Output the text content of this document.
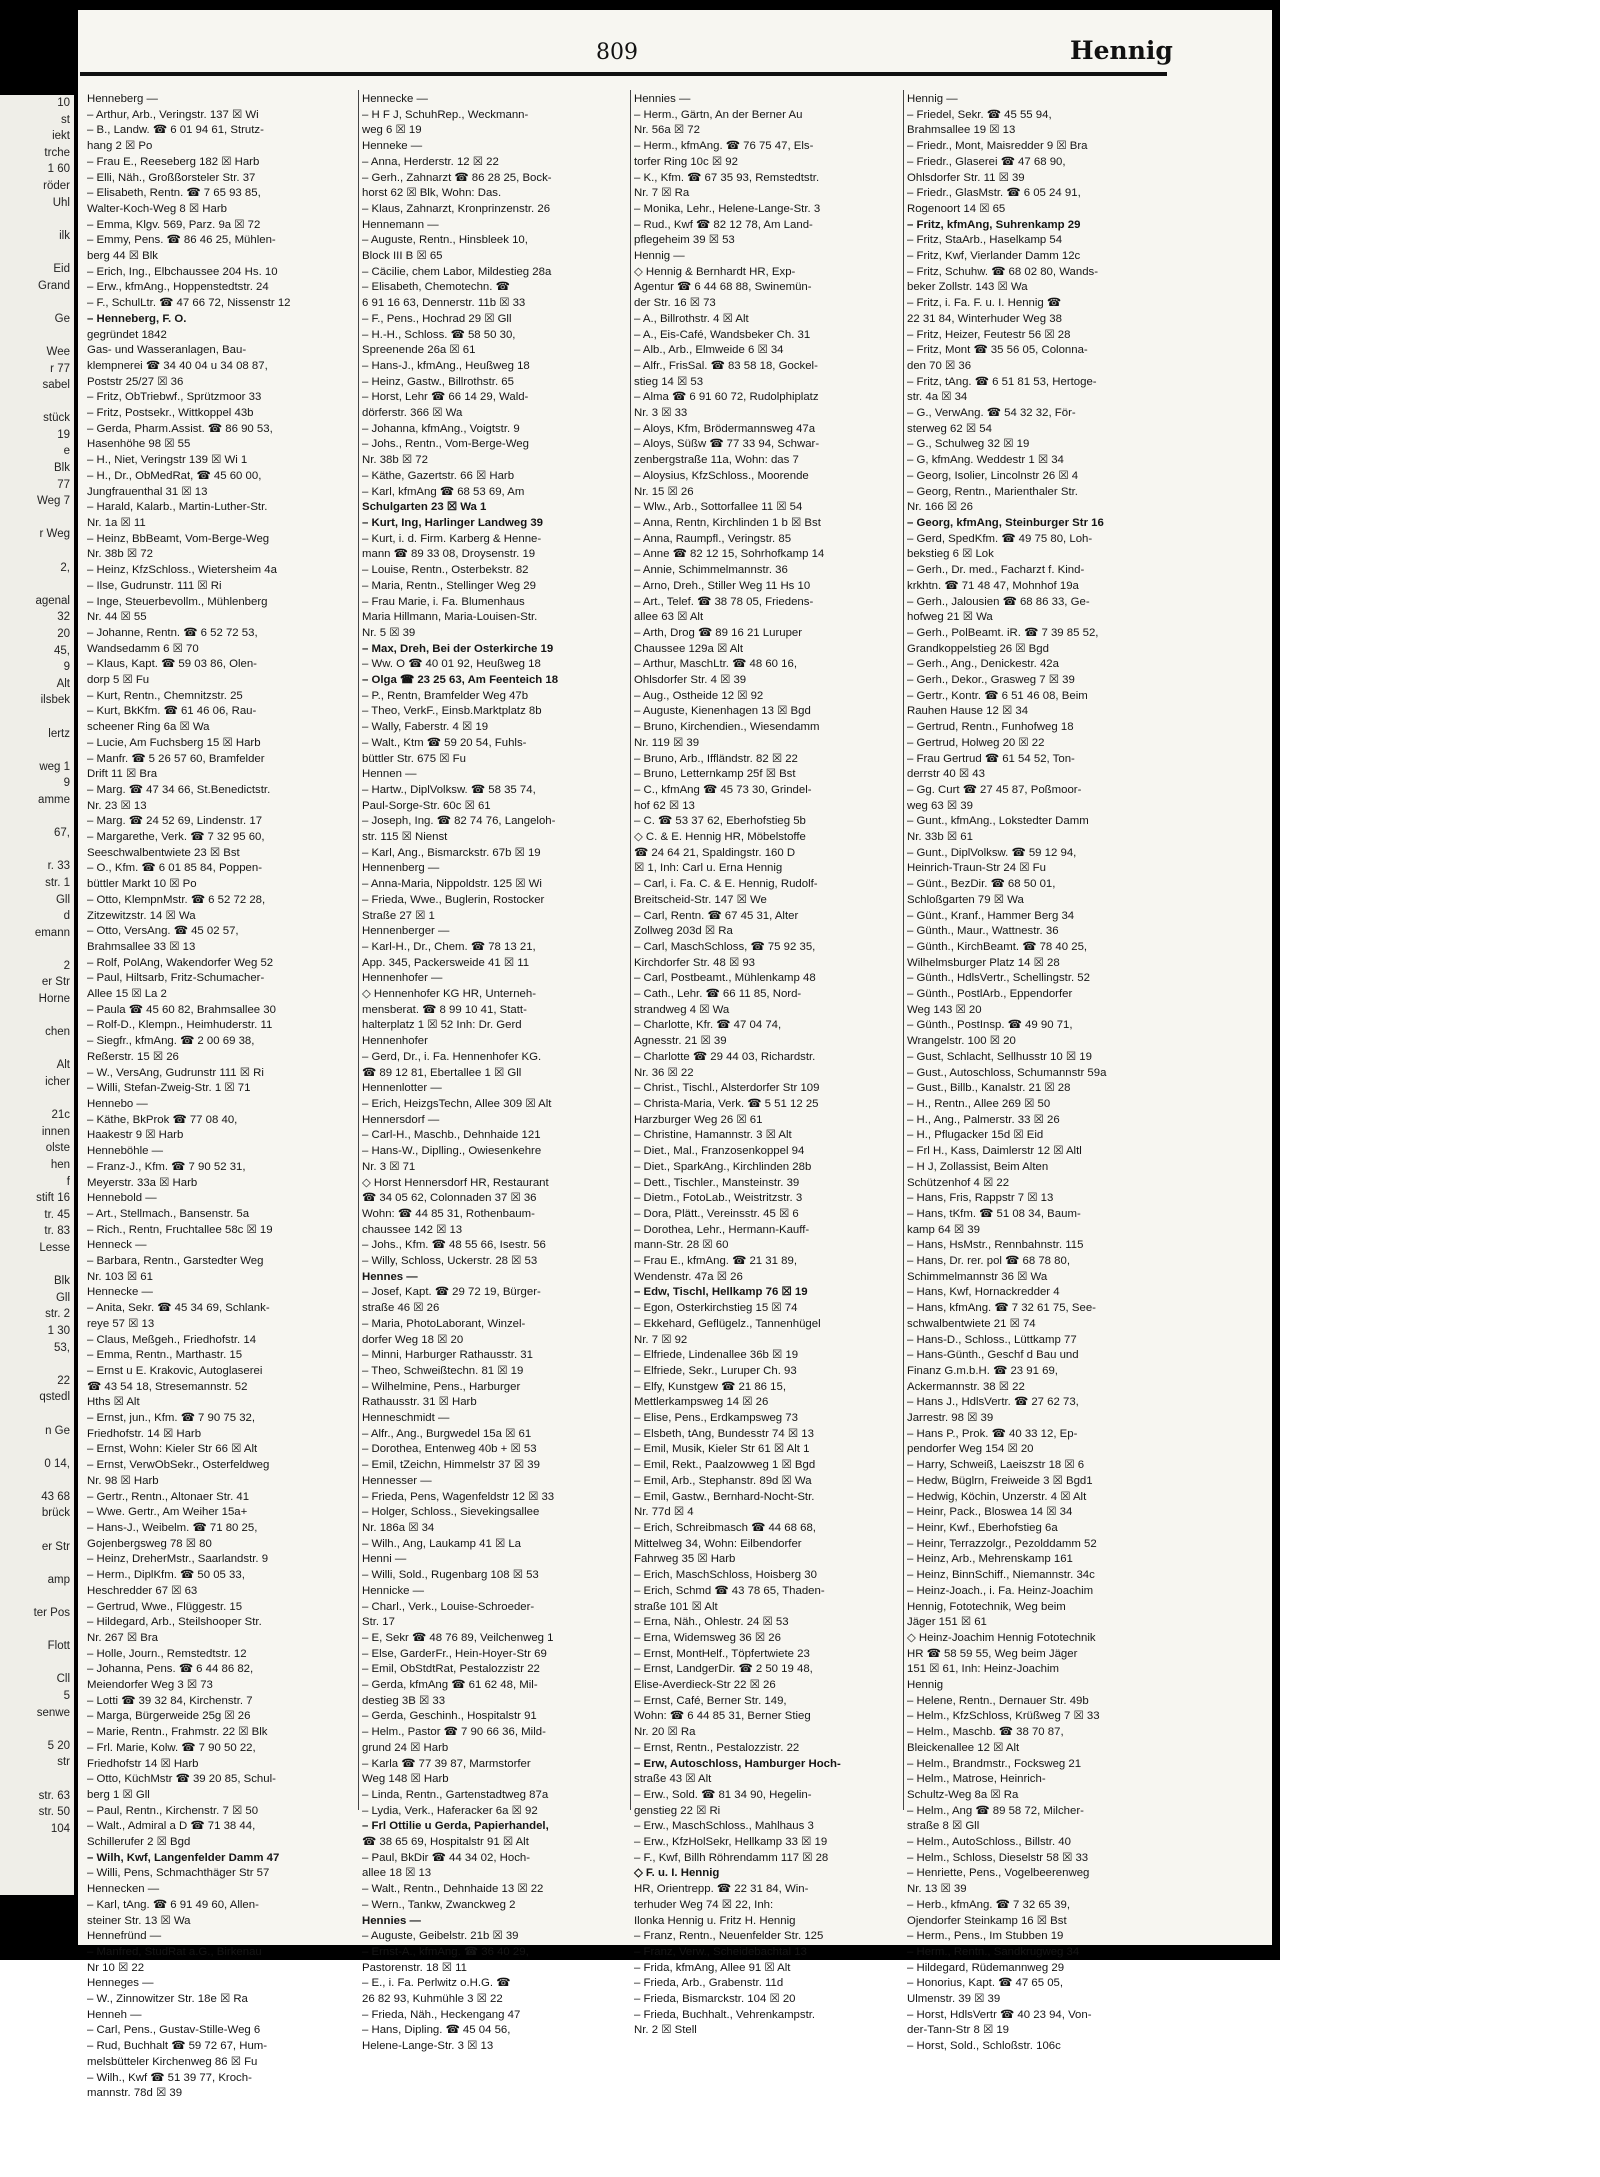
10
st
iekt
trche
1 60
röder
Uhl

ilk

Eid
Grand

Ge

Wee
r 77
sabel

stück
19
e
Blk
77
Weg 7

r Weg

2,

agenal
32
20
45,
9
Alt
ilsbek

lertz

weg 1
9
amme

67,

r. 33
str. 1
Gll
d
emann

2
er Str
Horne

chen

Alt
icher

21c
innen
olste
hen
f
stift 16
tr. 45
tr. 83
Lesse

Blk
Gll
str. 2
1 30
53,

22
qstedl

n Ge

0 14,

43 68
brück

er Str

amp

ter Pos

Flott

Cll
5
senwe

5 20
str

str. 63
str. 50
104
809	Hennig
Henneberg —
– Arthur, Arb., Veringstr. 137 ☒ Wi
– B., Landw. ☎ 6 01 94 61, Strutz-
hang 2 ☒ Po
– Frau E., Reeseberg 182 ☒ Harb
– Elli, Näh., Großßorsteler Str. 37
– Elisabeth, Rentn. ☎ 7 65 93 85,
Walter-Koch-Weg 8 ☒ Harb
– Emma, Klgv. 569, Parz. 9a ☒ 72
– Emmy, Pens. ☎ 86 46 25, Mühlen-
berg 44 ☒ Blk
– Erich, Ing., Elbchaussee 204 Hs. 10
– Erw., kfmAng., Hoppenstedtstr. 24
– F., SchulLtr. ☎ 47 66 72, Nissenstr 12
– Henneberg, F. O.
gegründet 1842
Gas- und Wasseranlagen, Bau-
klempnerei ☎ 34 40 04 u 34 08 87,
Poststr 25/27 ☒ 36
– Fritz, ObTriebwf., Sprützmoor 33
– Fritz, Postsekr., Wittkoppel 43b
– Gerda, Pharm.Assist. ☎ 86 90 53,
Hasenhöhe 98 ☒ 55
– H., Niet, Veringstr 139 ☒ Wi 1
– H., Dr., ObMedRat, ☎ 45 60 00,
Jungfrauenthal 31 ☒ 13
– Harald, Kalarb., Martin-Luther-Str.
Nr. 1a ☒ 11
– Heinz, BbBeamt, Vom-Berge-Weg
Nr. 38b ☒ 72
– Heinz, KfzSchloss., Wietersheim 4a
– Ilse, Gudrunstr. 111 ☒ Ri
– Inge, Steuerbevollm., Mühlenberg
Nr. 44 ☒ 55
– Johanne, Rentn. ☎ 6 52 72 53,
Wandsedamm 6 ☒ 70
– Klaus, Kapt. ☎ 59 03 86, Olen-
dorp 5 ☒ Fu
– Kurt, Rentn., Chemnitzstr. 25
– Kurt, BkKfm. ☎ 61 46 06, Rau-
scheener Ring 6a ☒ Wa
– Lucie, Am Fuchsberg 15 ☒ Harb
– Manfr. ☎ 5 26 57 60, Bramfelder
Drift 11 ☒ Bra
– Marg. ☎ 47 34 66, St.Benedictstr.
Nr. 23 ☒ 13
– Marg. ☎ 24 52 69, Lindenstr. 17
– Margarethe, Verk. ☎ 7 32 95 60,
Seeschwalbentwiete 23 ☒ Bst
– O., Kfm. ☎ 6 01 85 84, Poppen-
büttler Markt 10 ☒ Po
– Otto, KlempnMstr. ☎ 6 52 72 28,
Zitzewitzstr. 14 ☒ Wa
– Otto, VersAng. ☎ 45 02 57,
Brahmsallee 33 ☒ 13
– Rolf, PolAng, Wakendorfer Weg 52
– Paul, Hiltsarb, Fritz-Schumacher-
Allee 15 ☒ La 2
– Paula ☎ 45 60 82, Brahmsallee 30
– Rolf-D., Klempn., Heimhuderstr. 11
– Siegfr., kfmAng. ☎ 2 00 69 38,
Reßerstr. 15 ☒ 26
– W., VersAng, Gudrunstr 111 ☒ Ri
– Willi, Stefan-Zweig-Str. 1 ☒ 71
Hennebo —
– Käthe, BkProk ☎ 77 08 40,
Haakestr 9 ☒ Harb
Henneböhle —
– Franz-J., Kfm. ☎ 7 90 52 31,
Meyerstr. 33a ☒ Harb
Hennebold —
– Art., Stellmach., Bansenstr. 5a
– Rich., Rentn, Fruchtallee 58c ☒ 19
Henneck —
– Barbara, Rentn., Garstedter Weg
Nr. 103 ☒ 61
Hennecke —
– Anita, Sekr. ☎ 45 34 69, Schlank-
reye 57 ☒ 13
– Claus, Meßgeh., Friedhofstr. 14
– Emma, Rentn., Marthastr. 15
– Ernst u E. Krakovic, Autoglaserei
☎ 43 54 18, Stresemannstr. 52
Hths ☒ Alt
– Ernst, jun., Kfm. ☎ 7 90 75 32,
Friedhofstr. 14 ☒ Harb
– Ernst, Wohn: Kieler Str 66 ☒ Alt
– Ernst, VerwObSekr., Osterfeldweg
Nr. 98 ☒ Harb
– Gertr., Rentn., Altonaer Str. 41
– Wwe. Gertr., Am Weiher 15a+
– Hans-J., Weibelm. ☎ 71 80 25,
Gojenbergsweg 78 ☒ 80
– Heinz, DreherMstr., Saarlandstr. 9
– Herm., DiplKfm. ☎ 50 05 33,
Heschredder 67 ☒ 63
– Gertrud, Wwe., Flüggestr. 15
– Hildegard, Arb., Steilshooper Str.
Nr. 267 ☒ Bra
– Holle, Journ., Remstedtstr. 12
– Johanna, Pens. ☎ 6 44 86 82,
Meiendorfer Weg 3 ☒ 73
– Lotti ☎ 39 32 84, Kirchenstr. 7
– Marga, Bürgerweide 25g ☒ 26
– Marie, Rentn., Frahmstr. 22 ☒ Blk
– Frl. Marie, Kolw. ☎ 7 90 50 22,
Friedhofstr 14 ☒ Harb
– Otto, KüchMstr ☎ 39 20 85, Schul-
berg 1 ☒ Gll
– Paul, Rentn., Kirchenstr. 7 ☒ 50
– Walt., Admiral a D ☎ 71 38 44,
Schillerufer 2 ☒ Bgd
– Wilh, Kwf, Langenfelder Damm 47
– Willi, Pens, Schmachthäger Str 57
Hennecken —
– Karl, tAng. ☎ 6 91 49 60, Allen-
steiner Str. 13 ☒ Wa
Hennefründ —
– Manfred, StudRat a.G., Birkenau
Nr 10 ☒ 22
Henneges —
– W., Zinnowitzer Str. 18e ☒ Ra
Henneh —
– Carl, Pens., Gustav-Stille-Weg 6
– Rud, Buchhalt ☎ 59 72 67, Hum-
melsbütteler Kirchenweg 86 ☒ Fu
– Wilh., Kwf ☎ 51 39 77, Kroch-
mannstr. 78d ☒ 39
Hennecke —
– H F J, SchuhRep., Weckmann-
weg 6 ☒ 19
Henneke —
– Anna, Herderstr. 12 ☒ 22
– Gerh., Zahnarzt ☎ 86 28 25, Bock-
horst 62 ☒ Blk, Wohn: Das.
– Klaus, Zahnarzt, Kronprinzenstr. 26
Hennemann —
– Auguste, Rentn., Hinsbleek 10,
Block III B ☒ 65
– Cäcilie, chem Labor, Mildestieg 28a
– Elisabeth, Chemotechn. ☎
6 91 16 63, Dennerstr. 11b ☒ 33
– F., Pens., Hochrad 29 ☒ Gll
– H.-H., Schloss. ☎ 58 50 30,
Spreenende 26a ☒ 61
– Hans-J., kfmAng., Heußweg 18
– Heinz, Gastw., Billrothstr. 65
– Horst, Lehr ☎ 66 14 29, Wald-
dörferstr. 366 ☒ Wa
– Johanna, kfmAng., Voigtstr. 9
– Johs., Rentn., Vom-Berge-Weg
Nr. 38b ☒ 72
– Käthe, Gazertstr. 66 ☒ Harb
– Karl, kfmAng ☎ 68 53 69, Am
Schulgarten 23 ☒ Wa 1
– Kurt, Ing, Harlinger Landweg 39
– Kurt, i. d. Firm. Karberg & Henne-
mann ☎ 89 33 08, Droysenstr. 19
– Louise, Rentn., Osterbekstr. 82
– Maria, Rentn., Stellinger Weg 29
– Frau Marie, i. Fa. Blumenhaus
Maria Hillmann, Maria-Louisen-Str.
Nr. 5 ☒ 39
– Max, Dreh, Bei der Osterkirche 19
– Ww. O ☎ 40 01 92, Heußweg 18
– Olga ☎ 23 25 63, Am Feenteich 18
– P., Rentn, Bramfelder Weg 47b
– Theo, VerkF., Einsb.Marktplatz 8b
– Wally, Faberstr. 4 ☒ 19
– Walt., Ktm ☎ 59 20 54, Fuhls-
büttler Str. 675 ☒ Fu
Hennen —
– Hartw., DiplVolksw. ☎ 58 35 74,
Paul-Sorge-Str. 60c ☒ 61
– Joseph, Ing. ☎ 82 74 76, Langeloh-
str. 115 ☒ Nienst
– Karl, Ang., Bismarckstr. 67b ☒ 19
Hennenberg —
– Anna-Maria, Nippoldstr. 125 ☒ Wi
– Frieda, Wwe., Buglerin, Rostocker
Straße 27 ☒ 1
Hennenberger —
– Karl-H., Dr., Chem. ☎ 78 13 21,
App. 345, Packersweide 41 ☒ 11
Hennenhofer —
◇ Hennenhofer KG HR, Unterneh-
mensberat. ☎ 8 99 10 41, Statt-
halterplatz 1 ☒ 52 Inh: Dr. Gerd
Hennenhofer
– Gerd, Dr., i. Fa. Hennenhofer KG.
☎ 89 12 81, Ebertallee 1 ☒ Gll
Hennenlotter —
– Erich, HeizgsTechn, Allee 309 ☒ Alt
Hennersdorf —
– Carl-H., Maschb., Dehnhaide 121
– Hans-W., Diplling., Owiesenkehre
Nr. 3 ☒ 71
◇ Horst Hennersdorf HR, Restaurant
☎ 34 05 62, Colonnaden 37 ☒ 36
Wohn: ☎ 44 85 31, Rothenbaum-
chaussee 142 ☒ 13
– Johs., Kfm. ☎ 48 55 66, Isestr. 56
– Willy, Schloss, Uckerstr. 28 ☒ 53
Hennes —
– Josef, Kapt. ☎ 29 72 19, Bürger-
straße 46 ☒ 26
– Maria, PhotoLaborant, Winzel-
dorfer Weg 18 ☒ 20
– Minni, Harburger Rathausstr. 31
– Theo, Schweißtechn. 81 ☒ 19
– Wilhelmine, Pens., Harburger
Rathausstr. 31 ☒ Harb
Henneschmidt —
– Alfr., Ang., Burgwedel 15a ☒ 61
– Dorothea, Entenweg 40b + ☒ 53
– Emil, tZeichn, Himmelstr 37 ☒ 39
Hennesser —
– Frieda, Pens, Wagenfeldstr 12 ☒ 33
– Holger, Schloss., Sievekingsallee
Nr. 186a ☒ 34
– Wilh., Ang, Laukamp 41 ☒ La
Henni —
– Willi, Sold., Rugenbarg 108 ☒ 53
Hennicke —
– Charl., Verk., Louise-Schroeder-
Str. 17
– E, Sekr ☎ 48 76 89, Veilchenweg 1
– Else, GarderFr., Hein-Hoyer-Str 69
– Emil, ObStdtRat, Pestalozzistr 22
– Gerda, kfmAng ☎ 61 62 48, Mil-
destieg 3B ☒ 33
– Gerda, Geschinh., Hospitalstr 91
– Helm., Pastor ☎ 7 90 66 36, Mild-
grund 24 ☒ Harb
– Karla ☎ 77 39 87, Marmstorfer
Weg 148 ☒ Harb
– Linda, Rentn., Gartenstadtweg 87a
– Lydia, Verk., Haferacker 6a ☒ 92
– Frl Ottilie u Gerda, Papierhandel,
☎ 38 65 69, Hospitalstr 91 ☒ Alt
– Paul, BkDir ☎ 44 34 02, Hoch-
allee 18 ☒ 13
– Walt., Rentn., Dehnhaide 13 ☒ 22
– Wern., Tankw, Zwanckweg 2
Hennies —
– Auguste, Geibelstr. 21b ☒ 39
– Ernst-A., kfmAng. ☎ 36 40 29,
Pastorenstr. 18 ☒ 11
– E., i. Fa. Perlwitz o.H.G. ☎
26 82 93, Kuhmühle 3 ☒ 22
– Frieda, Näh., Heckengang 47
– Hans, Dipling. ☎ 45 04 56,
Helene-Lange-Str. 3 ☒ 13
Hennies —
– Herm., Gärtn, An der Berner Au
Nr. 56a ☒ 72
– Herm., kfmAng. ☎ 76 75 47, Els-
torfer Ring 10c ☒ 92
– K., Kfm. ☎ 67 35 93, Remstedtstr.
Nr. 7 ☒ Ra
– Monika, Lehr., Helene-Lange-Str. 3
– Rud., Kwf ☎ 82 12 78, Am Land-
pflegeheim 39 ☒ 53
Hennig —
◇ Hennig & Bernhardt HR, Exp-
Agentur ☎ 6 44 68 88, Swinemün-
der Str. 16 ☒ 73
– A., Billrothstr. 4 ☒ Alt
– A., Eis-Café, Wandsbeker Ch. 31
– Alb., Arb., Elmweide 6 ☒ 34
– Alfr., FrisSal. ☎ 83 58 18, Gockel-
stieg 14 ☒ 53
– Alma ☎ 6 91 60 72, Rudolphiplatz
Nr. 3 ☒ 33
– Aloys, Kfm, Brödermannsweg 47a
– Aloys, Süßw ☎ 77 33 94, Schwar-
zenbergstraße 11a, Wohn: das 7
– Aloysius, KfzSchloss., Moorende
Nr. 15 ☒ 26
– Wlw., Arb., Sottorfallee 11 ☒ 54
– Anna, Rentn, Kirchlinden 1 b ☒ Bst
– Anna, Raumpfl., Veringstr. 85
– Anne ☎ 82 12 15, Sohrhofkamp 14
– Annie, Schimmelmannstr. 36
– Arno, Dreh., Stiller Weg 11 Hs 10
– Art., Telef. ☎ 38 78 05, Friedens-
allee 63 ☒ Alt
– Arth, Drog ☎ 89 16 21 Luruper
Chaussee 129a ☒ Alt
– Arthur, MaschLtr. ☎ 48 60 16,
Ohlsdorfer Str. 4 ☒ 39
– Aug., Ostheide 12 ☒ 92
– Auguste, Kienenhagen 13 ☒ Bgd
– Bruno, Kirchendien., Wiesendamm
Nr. 119 ☒ 39
– Bruno, Arb., Iffländstr. 82 ☒ 22
– Bruno, Letternkamp 25f ☒ Bst
– C., kfmAng ☎ 45 73 30, Grindel-
hof 62 ☒ 13
– C. ☎ 53 37 62, Eberhofstieg 5b
◇ C. & E. Hennig HR, Möbelstoffe
☎ 24 64 21, Spaldingstr. 160 D
☒ 1, Inh: Carl u. Erna Hennig
– Carl, i. Fa. C. & E. Hennig, Rudolf-
Breitscheid-Str. 147 ☒ We
– Carl, Rentn. ☎ 67 45 31, Alter
Zollweg 203d ☒ Ra
– Carl, MaschSchloss, ☎ 75 92 35,
Kirchdorfer Str. 48 ☒ 93
– Carl, Postbeamt., Mühlenkamp 48
– Cath., Lehr. ☎ 66 11 85, Nord-
strandweg 4 ☒ Wa
– Charlotte, Kfr. ☎ 47 04 74,
Agnesstr. 21 ☒ 39
– Charlotte ☎ 29 44 03, Richardstr.
Nr. 36 ☒ 22
– Christ., Tischl., Alsterdorfer Str 109
– Christa-Maria, Verk. ☎ 5 51 12 25
Harzburger Weg 26 ☒ 61
– Christine, Hamannstr. 3 ☒ Alt
– Diet., Mal., Franzosenkoppel 94
– Diet., SparkAng., Kirchlinden 28b
– Dett., Tischler., Mansteinstr. 39
– Dietm., FotoLab., Weistritzstr. 3
– Dora, Plätt., Vereinsstr. 45 ☒ 6
– Dorothea, Lehr., Hermann-Kauff-
mann-Str. 28 ☒ 60
– Frau E., kfmAng. ☎ 21 31 89,
Wendenstr. 47a ☒ 26
– Edw, Tischl, Hellkamp 76 ☒ 19
– Egon, Osterkirchstieg 15 ☒ 74
– Ekkehard, Geflügelz., Tannenhügel
Nr. 7 ☒ 92
– Elfriede, Lindenallee 36b ☒ 19
– Elfriede, Sekr., Luruper Ch. 93
– Elfy, Kunstgew ☎ 21 86 15,
Mettlerkampsweg 14 ☒ 26
– Elise, Pens., Erdkampsweg 73
– Elsbeth, tAng, Bundesstr 74 ☒ 13
– Emil, Musik, Kieler Str 61 ☒ Alt 1
– Emil, Rekt., Paalzowweg 1 ☒ Bgd
– Emil, Arb., Stephanstr. 89d ☒ Wa
– Emil, Gastw., Bernhard-Nocht-Str.
Nr. 77d ☒ 4
– Erich, Schreibmasch ☎ 44 68 68,
Mittelweg 34, Wohn: Eilbendorfer
Fahrweg 35 ☒ Harb
– Erich, MaschSchloss, Hoisberg 30
– Erich, Schmd ☎ 43 78 65, Thaden-
straße 101 ☒ Alt
– Erna, Näh., Ohlestr. 24 ☒ 53
– Erna, Widemsweg 36 ☒ 26
– Ernst, MontHelf., Töpfertwiete 23
– Ernst, LandgerDir. ☎ 2 50 19 48,
Elise-Averdieck-Str 22 ☒ 26
– Ernst, Café, Berner Str. 149,
Wohn: ☎ 6 44 85 31, Berner Stieg
Nr. 20 ☒ Ra
– Ernst, Rentn., Pestalozzistr. 22
– Erw, Autoschloss, Hamburger Hoch-
straße 43 ☒ Alt
– Erw., Sold. ☎ 81 34 90, Hegelin-
genstieg 22 ☒ Ri
– Erw., MaschSchloss., Mahlhaus 3
– Erw., KfzHolSekr, Hellkamp 33 ☒ 19
– F., Kwf, Billh Röhrendamm 117 ☒ 28
◇ F. u. I. Hennig
HR, Orientrepp. ☎ 22 31 84, Win-
terhuder Weg 74 ☒ 22, Inh:
Ilonka Hennig u. Fritz H. Hennig
– Franz, Rentn., Neuenfelder Str. 125
– Franz, Verw., Scheidebachtal 13
– Frida, kfmAng, Allee 91 ☒ Alt
– Frieda, Arb., Grabenstr. 11d
– Frieda, Bismarckstr. 104 ☒ 20
– Frieda, Buchhalt., Vehrenkampstr.
Nr. 2 ☒ Stell
Hennig —
– Friedel, Sekr. ☎ 45 55 94,
Brahmsallee 19 ☒ 13
– Friedr., Mont, Maisredder 9 ☒ Bra
– Friedr., Glaserei ☎ 47 68 90,
Ohlsdorfer Str. 11 ☒ 39
– Friedr., GlasMstr. ☎ 6 05 24 91,
Rogenoort 14 ☒ 65
– Fritz, kfmAng, Suhrenkamp 29
– Fritz, StaArb., Haselkamp 54
– Fritz, Kwf, Vierlander Damm 12c
– Fritz, Schuhw. ☎ 68 02 80, Wands-
beker Zollstr. 143 ☒ Wa
– Fritz, i. Fa. F. u. I. Hennig ☎
22 31 84, Winterhuder Weg 38
– Fritz, Heizer, Feutestr 56 ☒ 28
– Fritz, Mont ☎ 35 56 05, Colonna-
den 70 ☒ 36
– Fritz, tAng. ☎ 6 51 81 53, Hertoge-
str. 4a ☒ 34
– G., VerwAng. ☎ 54 32 32, För-
sterweg 62 ☒ 54
– G., Schulweg 32 ☒ 19
– G, kfmAng. Weddestr 1 ☒ 34
– Georg, Isolier, Lincolnstr 26 ☒ 4
– Georg, Rentn., Marienthaler Str.
Nr. 166 ☒ 26
– Georg, kfmAng, Steinburger Str 16
– Gerd, SpedKfm. ☎ 49 75 80, Loh-
bekstieg 6 ☒ Lok
– Gerh., Dr. med., Facharzt f. Kind-
krkhtn. ☎ 71 48 47, Mohnhof 19a
– Gerh., Jalousien ☎ 68 86 33, Ge-
hofweg 21 ☒ Wa
– Gerh., PolBeamt. iR. ☎ 7 39 85 52,
Grandkoppelstieg 26 ☒ Bgd
– Gerh., Ang., Denickestr. 42a
– Gerh., Dekor., Grasweg 7 ☒ 39
– Gertr., Kontr. ☎ 6 51 46 08, Beim
Rauhen Hause 12 ☒ 34
– Gertrud, Rentn., Funhofweg 18
– Gertrud, Holweg 20 ☒ 22
– Frau Gertrud ☎ 61 54 52, Ton-
derrstr 40 ☒ 43
– Gg. Curt ☎ 27 45 87, Poßmoor-
weg 63 ☒ 39
– Gunt., kfmAng., Lokstedter Damm
Nr. 33b ☒ 61
– Gunt., DiplVolksw. ☎ 59 12 94,
Heinrich-Traun-Str 24 ☒ Fu
– Günt., BezDir. ☎ 68 50 01,
Schloßgarten 79 ☒ Wa
– Günt., Kranf., Hammer Berg 34
– Günth., Maur., Wattnestr. 36
– Günth., KirchBeamt. ☎ 78 40 25,
Wilhelmsburger Platz 14 ☒ 28
– Günth., HdlsVertr., Schellingstr. 52
– Günth., PostlArb., Eppendorfer
Weg 143 ☒ 20
– Günth., PostInsp. ☎ 49 90 71,
Wrangelstr. 100 ☒ 20
– Gust, Schlacht, Sellhusstr 10 ☒ 19
– Gust., Autoschloss, Schumannstr 59a
– Gust., Billb., Kanalstr. 21 ☒ 28
– H., Rentn., Allee 269 ☒ 50
– H., Ang., Palmerstr. 33 ☒ 26
– H., Pflugacker 15d ☒ Eid
– Frl H., Kass, Daimlerstr 12 ☒ Altl
– H J, Zollassist, Beim Alten
Schützenhof 4 ☒ 22
– Hans, Fris, Rappstr 7 ☒ 13
– Hans, tKfm. ☎ 51 08 34, Baum-
kamp 64 ☒ 39
– Hans, HsMstr., Rennbahnstr. 115
– Hans, Dr. rer. pol ☎ 68 78 80,
Schimmelmannstr 36 ☒ Wa
– Hans, Kwf, Hornackredder 4
– Hans, kfmAng. ☎ 7 32 61 75, See-
schwalbentwiete 21 ☒ 74
– Hans-D., Schloss., Lüttkamp 77
– Hans-Günth., Geschf d Bau und
Finanz G.m.b.H. ☎ 23 91 69,
Ackermannstr. 38 ☒ 22
– Hans J., HdlsVertr. ☎ 27 62 73,
Jarrestr. 98 ☒ 39
– Hans P., Prok. ☎ 40 33 12, Ep-
pendorfer Weg 154 ☒ 20
– Harry, Schweiß, Laeiszstr 18 ☒ 6
– Hedw, Büglrn, Freiweide 3 ☒ Bgd1
– Hedwig, Köchin, Unzerstr. 4 ☒ Alt
– Heinr, Pack., Bloswea 14 ☒ 34
– Heinr, Kwf., Eberhofstieg 6a
– Heinr, Terrazzolgr., Pezolddamm 52
– Heinz, Arb., Mehrenskamp 161
– Heinz, BinnSchiff., Niemannstr. 34c
– Heinz-Joach., i. Fa. Heinz-Joachim
Hennig, Fototechnik, Weg beim
Jäger 151 ☒ 61
◇ Heinz-Joachim Hennig Fototechnik
HR ☎ 58 59 55, Weg beim Jäger
151 ☒ 61, Inh: Heinz-Joachim
Hennig
– Helene, Rentn., Dernauer Str. 49b
– Helm., KfzSchloss, Krüßweg 7 ☒ 33
– Helm., Maschb. ☎ 38 70 87,
Bleickenallee 12 ☒ Alt
– Helm., Brandmstr., Focksweg 21
– Helm., Matrose, Heinrich-
Schultz-Weg 8a ☒ Ra
– Helm., Ang ☎ 89 58 72, Milcher-
straße 8 ☒ Gll
– Helm., AutoSchloss., Billstr. 40
– Helm., Schloss, Dieselstr 58 ☒ 33
– Henriette, Pens., Vogelbeerenweg
Nr. 13 ☒ 39
– Herb., kfmAng. ☎ 7 32 65 39,
Ojendorfer Steinkamp 16 ☒ Bst
– Herm., Pens., Im Stubben 19
– Herm., Rentn., Sandkrugweg 34
– Hildegard, Rüdemannweg 29
– Honorius, Kapt. ☎ 47 65 05,
Ulmenstr. 39 ☒ 39
– Horst, HdlsVertr ☎ 40 23 94, Von-
der-Tann-Str 8 ☒ 19
– Horst, Sold., Schloßstr. 106c
